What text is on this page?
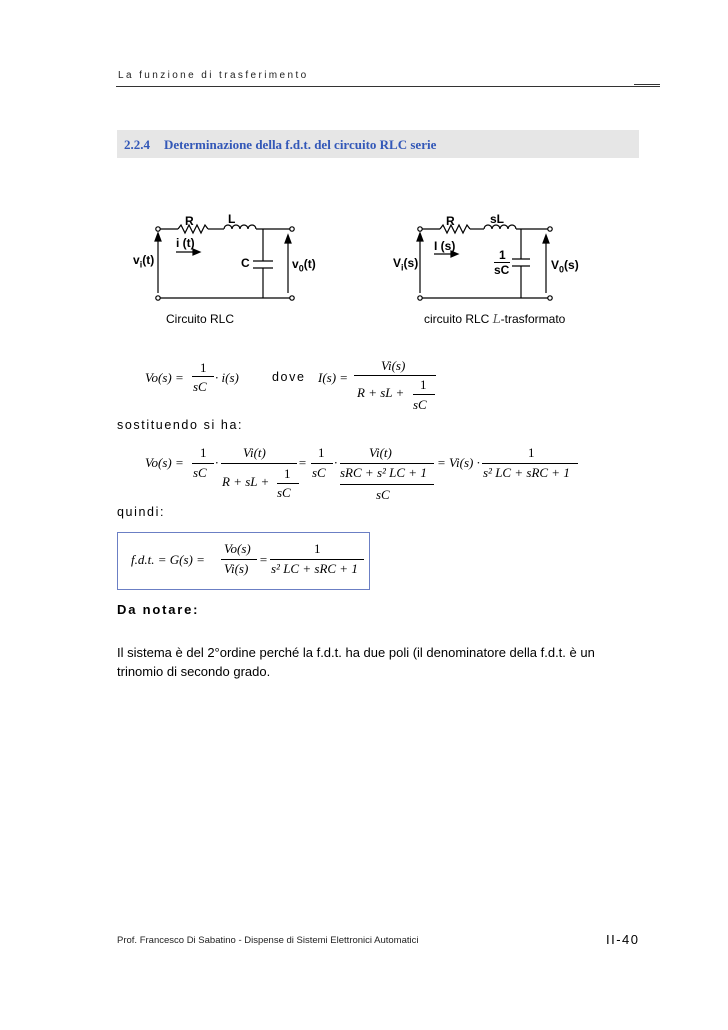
La funzione di trasferimento
2.2.4 Determinazione della f.d.t. del circuito RLC serie
R	L
i (t)
C
$v_i(t)$	$v_0(t)$
Circuito RLC
R	sL
I (s)
1
sC
$V_i(s)$	$V_0(s)$
circuito RLC L-trasformato
Vo(s) =
1
sC
· i(s)	dove I(s) =
Vi(s)
R + sL +
1
sC
sostituendo si ha:
Vo(s) =
1
sC
·
Vi(t)
R + sL +
1
sC
=
1
sC
·
Vi(t)
sRC + s² LC + 1
sC
= Vi(s) ·
1
s² LC + sRC + 1
quindi:
f.d.t. = G(s) =
Vo(s)
Vi(s)
=
1
s² LC + sRC + 1
Da notare:
Il sistema è del 2°ordine perché la f.d.t. ha due poli (il denominatore della f.d.t. è un trinomio di secondo grado.
Prof. Francesco Di Sabatino - Dispense di Sistemi Elettronici Automatici	II-40
